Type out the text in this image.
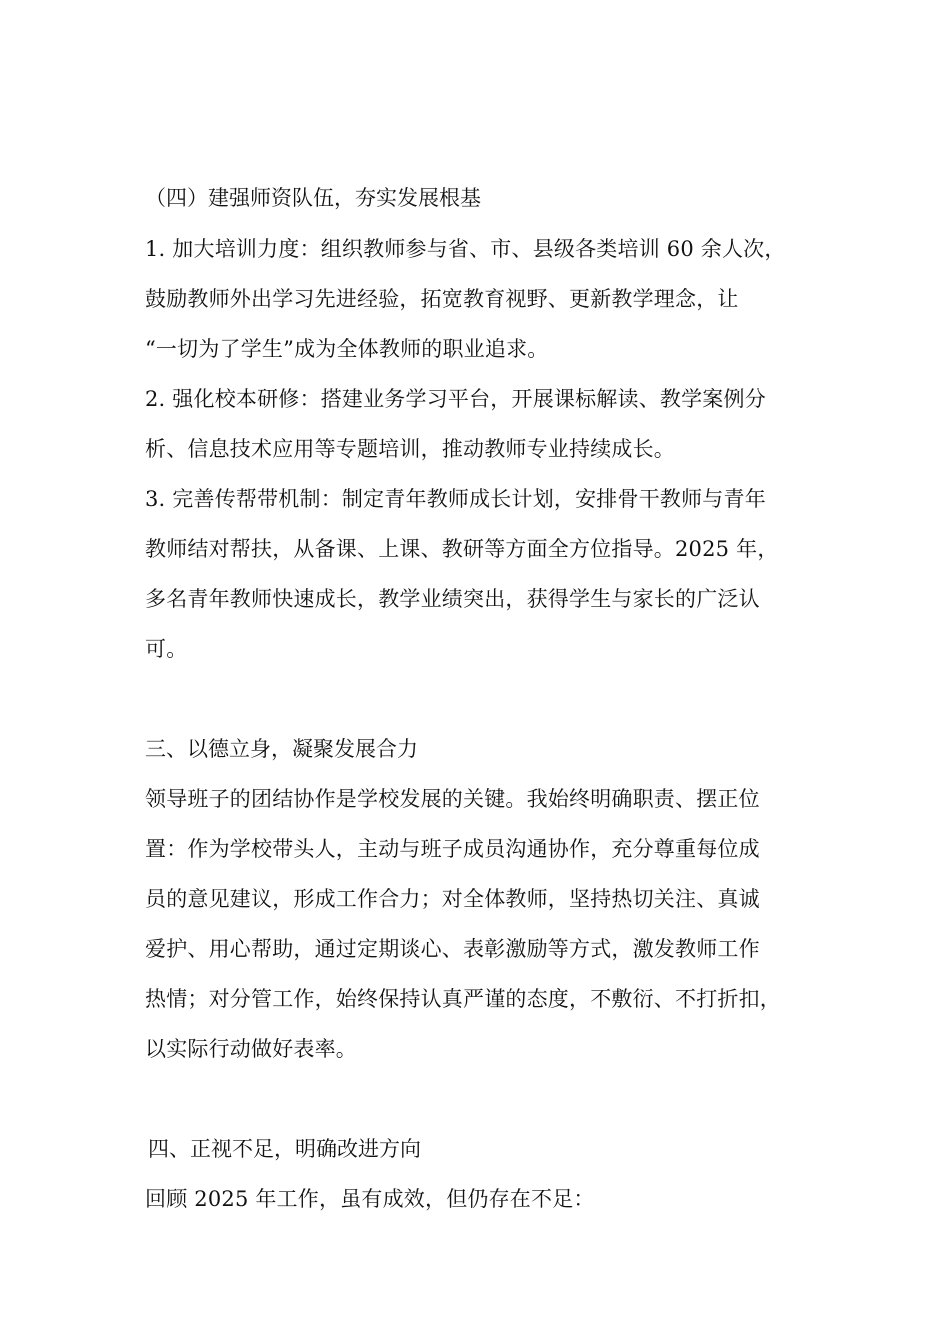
（四）建强师资队伍，夯实发展根基
1. 加大培训力度：组织教师参与省、市、县级各类培训 60 余人次，
鼓励教师外出学习先进经验，拓宽教育视野、更新教学理念，让
“一切为了学生”成为全体教师的职业追求。
2. 强化校本研修：搭建业务学习平台，开展课标解读、教学案例分
析、信息技术应用等专题培训，推动教师专业持续成长。
3. 完善传帮带机制：制定青年教师成长计划，安排骨干教师与青年
教师结对帮扶，从备课、上课、教研等方面全方位指导。2025 年，
多名青年教师快速成长，教学业绩突出，获得学生与家长的广泛认
可。
三、以德立身，凝聚发展合力
领导班子的团结协作是学校发展的关键。我始终明确职责、摆正位
置：作为学校带头人，主动与班子成员沟通协作，充分尊重每位成
员的意见建议，形成工作合力；对全体教师，坚持热切关注、真诚
爱护、用心帮助，通过定期谈心、表彰激励等方式，激发教师工作
热情；对分管工作，始终保持认真严谨的态度，不敷衍、不打折扣，
以实际行动做好表率。
四、正视不足，明确改进方向
回顾 2025 年工作，虽有成效，但仍存在不足：
